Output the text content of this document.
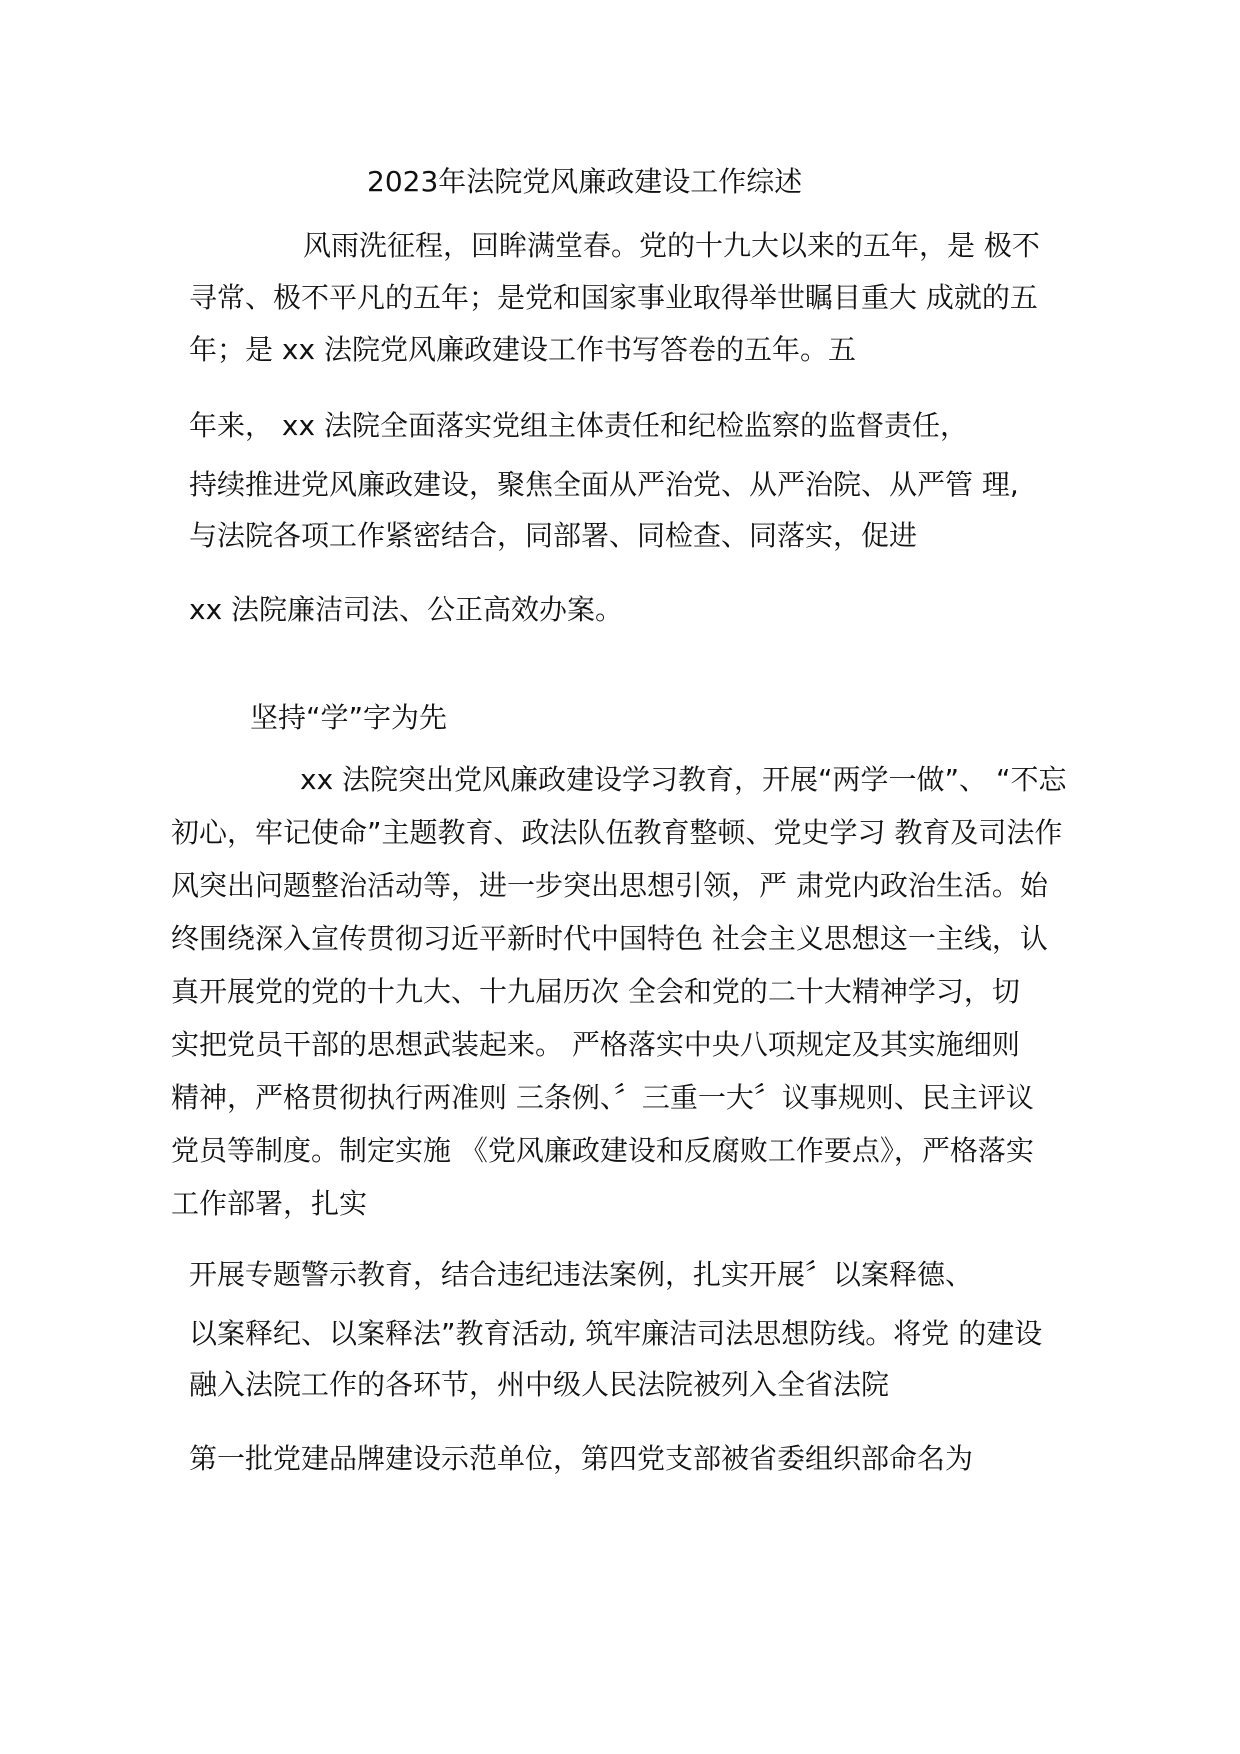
2023年法院党风廉政建设工作综述
风雨洗征程，回眸满堂春。党的十九大以来的五年，是 极不
寻常、极不平凡的五年；是党和国家事业取得举世瞩目重大 成就的五
年；是 xx 法院党风廉政建设工作书写答卷的五年。五
年来， xx 法院全面落实党组主体责任和纪检监察的监督责任，
持续推进党风廉政建设，聚焦全面从严治党、从严治院、从严管 理,
与法院各项工作紧密结合，同部署、同检查、同落实，促进
xx 法院廉洁司法、公正高效办案。
坚持“学”字为先
xx 法院突出党风廉政建设学习教育，开展“两学一做”、 “不忘
初心，牢记使命”主题教育、政法队伍教育整顿、党史学习 教育及司法作
风突出问题整治活动等，进一步突出思想引领，严 肃党内政治生活。始
终围绕深入宣传贯彻习近平新时代中国特色 社会主义思想这一主线，认
真开展党的党的十九大、十九届历次 全会和党的二十大精神学习，切
实把党员干部的思想武装起来。 严格落实中央八项规定及其实施细则
精神，严格贯彻执行两准则 三条例、〞三重一大〞议事规则、民主评议
党员等制度。制定实施 《党风廉政建设和反腐败工作要点》，严格落实
工作部署，扎实
开展专题警示教育，结合违纪违法案例，扎实开展〞以案释德、
以案释纪、以案释法”教育活动, 筑牢廉洁司法思想防线。将党 的建设
融入法院工作的各环节，州中级人民法院被列入全省法院
第一批党建品牌建设示范单位，第四党支部被省委组织部命名为
